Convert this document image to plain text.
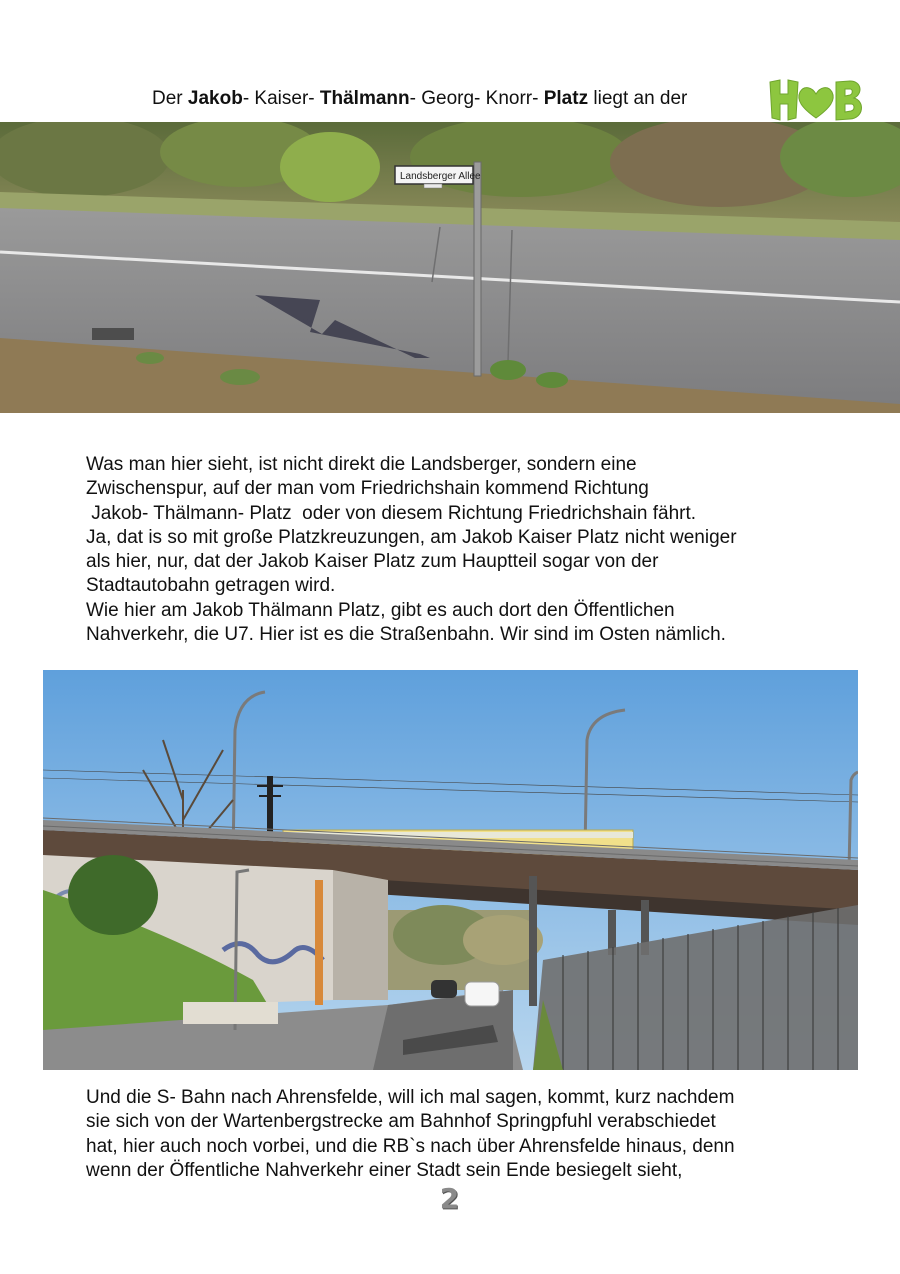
Der Jakob- Kaiser- Thälmann- Georg- Knorr- Platz liegt an der
Landsberger Allee

Was man hier sieht, ist nicht direkt die Landsberger, sondern eine

Zwischenspur, auf der man vom Friedrichshain kommend Richtung

Jakob- Thälmann- Platz  oder von diesem Richtung Friedrichshain fährt.

Ja, dat is so mit große Platzkreuzungen, am Jakob Kaiser Platz nicht weniger

als hier, nur, dat der Jakob Kaiser Platz zum Hauptteil sogar von der

Stadtautobahn getragen wird.

Wie hier am Jakob Thälmann Platz, gibt es auch dort den Öffentlichen

Nahverkehr, die U7. Hier ist es die Straßenbahn. Wir sind im Osten nämlich.

Und die S- Bahn nach Ahrensfelde, will ich mal sagen, kommt, kurz nachdem

sie sich von der Wartenbergstrecke am Bahnhof Springpfuhl verabschiedet

hat, hier auch noch vorbei, und die RB`s nach über Ahrensfelde hinaus, denn

wenn der Öffentliche Nahverkehr einer Stadt sein Ende besiegelt sieht,

2
